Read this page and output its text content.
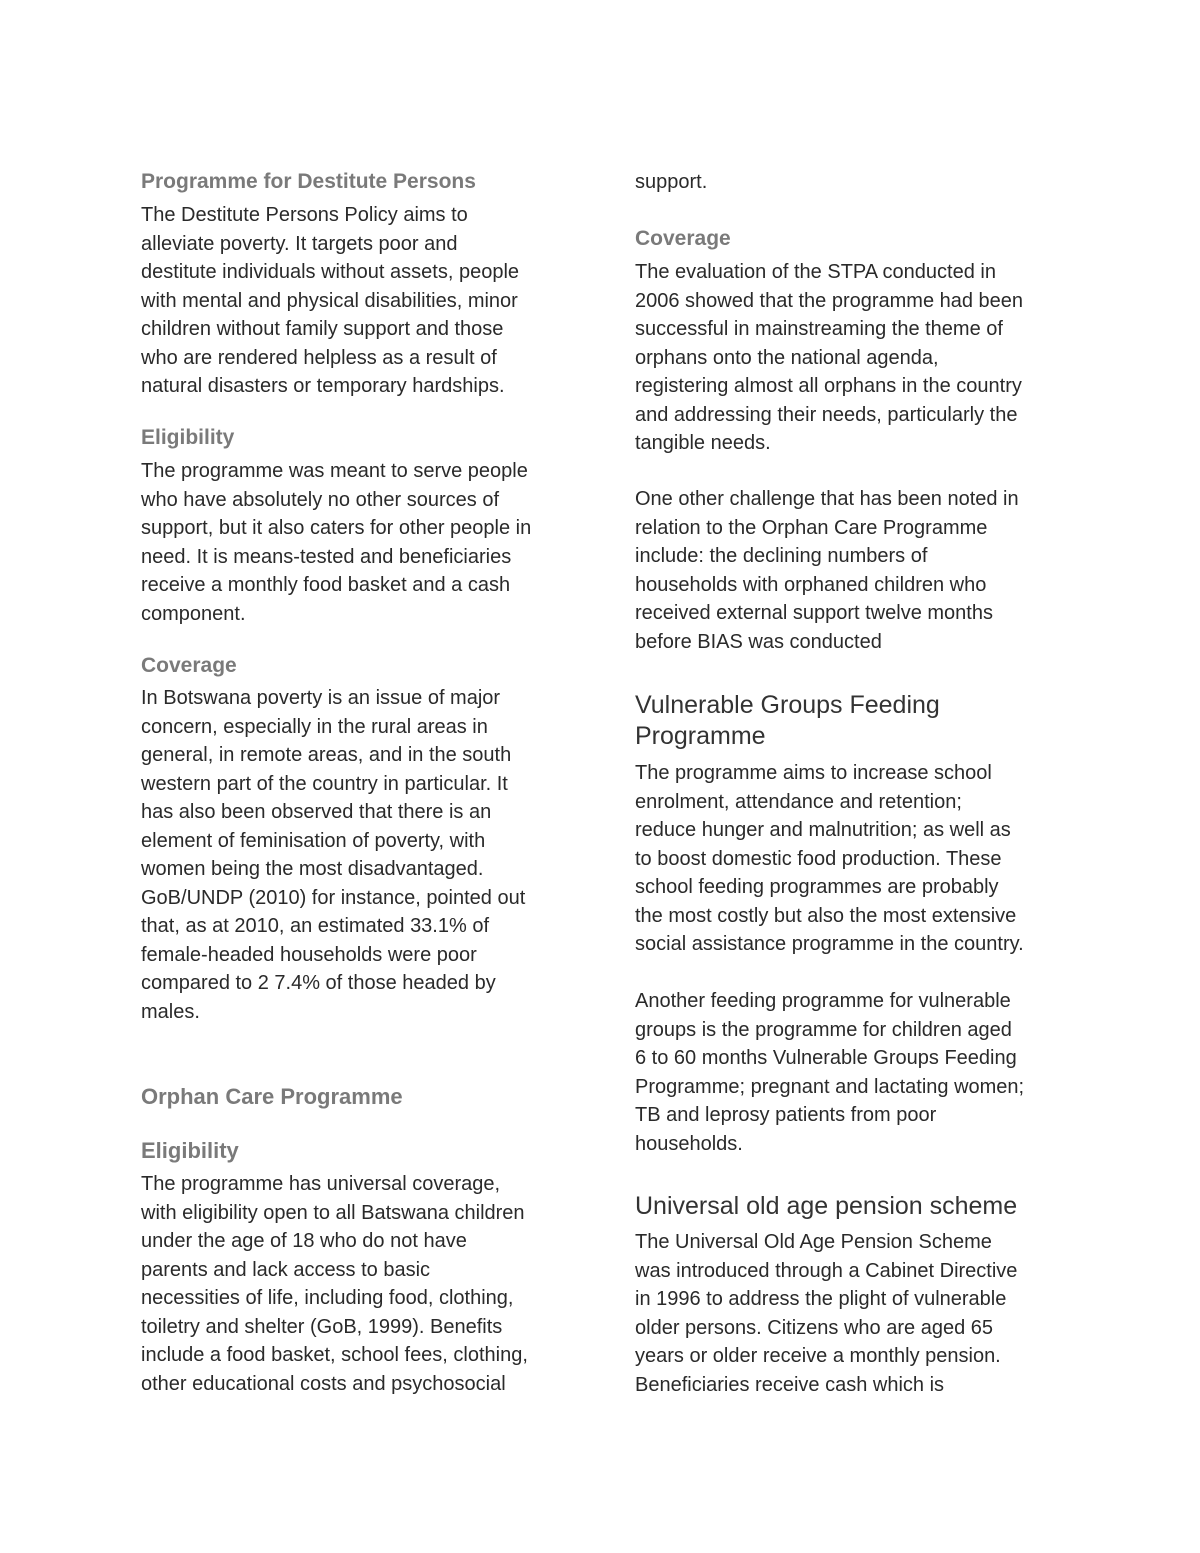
Programme for Destitute Persons

The Destitute Persons Policy aims to
alleviate poverty. It targets poor and
destitute individuals without assets, people
with mental and physical disabilities, minor
children without family support and those
who are rendered helpless as a result of
natural disasters or temporary hardships.

Eligibility

The programme was meant to serve people
who have absolutely no other sources of
support, but it also caters for other people in
need. It is means-tested and beneficiaries
receive a monthly food basket and a cash
component.

Coverage

In Botswana poverty is an issue of major
concern, especially in the rural areas in
general, in remote areas, and in the south
western part of the country in particular. It
has also been observed that there is an
element of feminisation of poverty, with
women being the most disadvantaged.
GoB/UNDP (2010) for instance, pointed out
that, as at 2010, an estimated 33.1% of
female-headed households were poor
compared to 2 7.4% of those headed by
males.

Orphan Care Programme
Eligibility

The programme has universal coverage,
with eligibility open to all Batswana children
under the age of 18 who do not have
parents and lack access to basic
necessities of life, including food, clothing,
toiletry and shelter (GoB, 1999). Benefits
include a food basket, school fees, clothing,
other educational costs and psychosocial

support.

Coverage

The evaluation of the STPA conducted in
2006 showed that the programme had been
successful in mainstreaming the theme of
orphans onto the national agenda,
registering almost all orphans in the country
and addressing their needs, particularly the
tangible needs.

One other challenge that has been noted in
relation to the Orphan Care Programme
include: the declining numbers of
households with orphaned children who
received external support twelve months
before BIAS was conducted

Vulnerable Groups Feeding
Programme

The programme aims to increase school
enrolment, attendance and retention;
reduce hunger and malnutrition; as well as
to boost domestic food production. These
school feeding programmes are probably
the most costly but also the most extensive
social assistance programme in the country.

Another feeding programme for vulnerable
groups is the programme for children aged
6 to 60 months Vulnerable Groups Feeding
Programme; pregnant and lactating women;
TB and leprosy patients from poor
households.

Universal old age pension scheme

The Universal Old Age Pension Scheme
was introduced through a Cabinet Directive
in 1996 to address the plight of vulnerable
older persons. Citizens who are aged 65
years or older receive a monthly pension.
Beneficiaries receive cash which is
